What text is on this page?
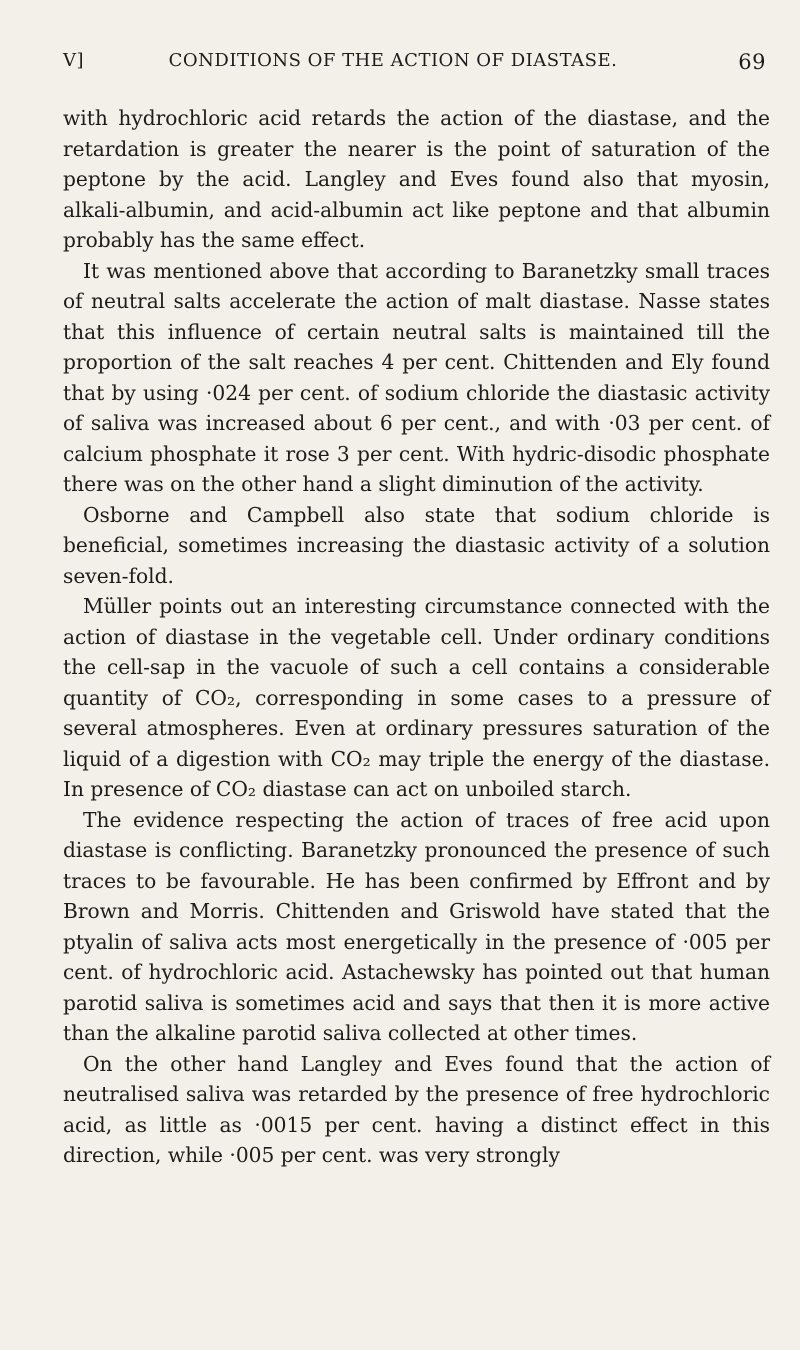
V]	CONDITIONS OF THE ACTION OF DIASTASE.	69

with hydrochloric acid retards the action of the diastase, and the retardation is greater the nearer is the point of saturation of the peptone by the acid. Langley and Eves found also that myosin, alkali-albumin, and acid-albumin act like peptone and that albumin probably has the same effect.

It was mentioned above that according to Baranetzky small traces of neutral salts accelerate the action of malt diastase. Nasse states that this influence of certain neutral salts is maintained till the proportion of the salt reaches 4 per cent. Chittenden and Ely found that by using ·024 per cent. of sodium chloride the diastasic activity of saliva was increased about 6 per cent., and with ·03 per cent. of calcium phosphate it rose 3 per cent. With hydric-disodic phosphate there was on the other hand a slight diminution of the activity.

Osborne and Campbell also state that sodium chloride is beneficial, sometimes increasing the diastasic activity of a solution seven-fold.

Müller points out an interesting circumstance connected with the action of diastase in the vegetable cell. Under ordinary conditions the cell-sap in the vacuole of such a cell contains a considerable quantity of CO₂, corresponding in some cases to a pressure of several atmospheres. Even at ordinary pressures saturation of the liquid of a digestion with CO₂ may triple the energy of the diastase. In presence of CO₂ diastase can act on unboiled starch.

The evidence respecting the action of traces of free acid upon diastase is conflicting. Baranetzky pronounced the presence of such traces to be favourable. He has been confirmed by Effront and by Brown and Morris. Chittenden and Griswold have stated that the ptyalin of saliva acts most energetically in the presence of ·005 per cent. of hydrochloric acid. Astachewsky has pointed out that human parotid saliva is sometimes acid and says that then it is more active than the alkaline parotid saliva collected at other times.

On the other hand Langley and Eves found that the action of neutralised saliva was retarded by the presence of free hydrochloric acid, as little as ·0015 per cent. having a distinct effect in this direction, while ·005 per cent. was very strongly
